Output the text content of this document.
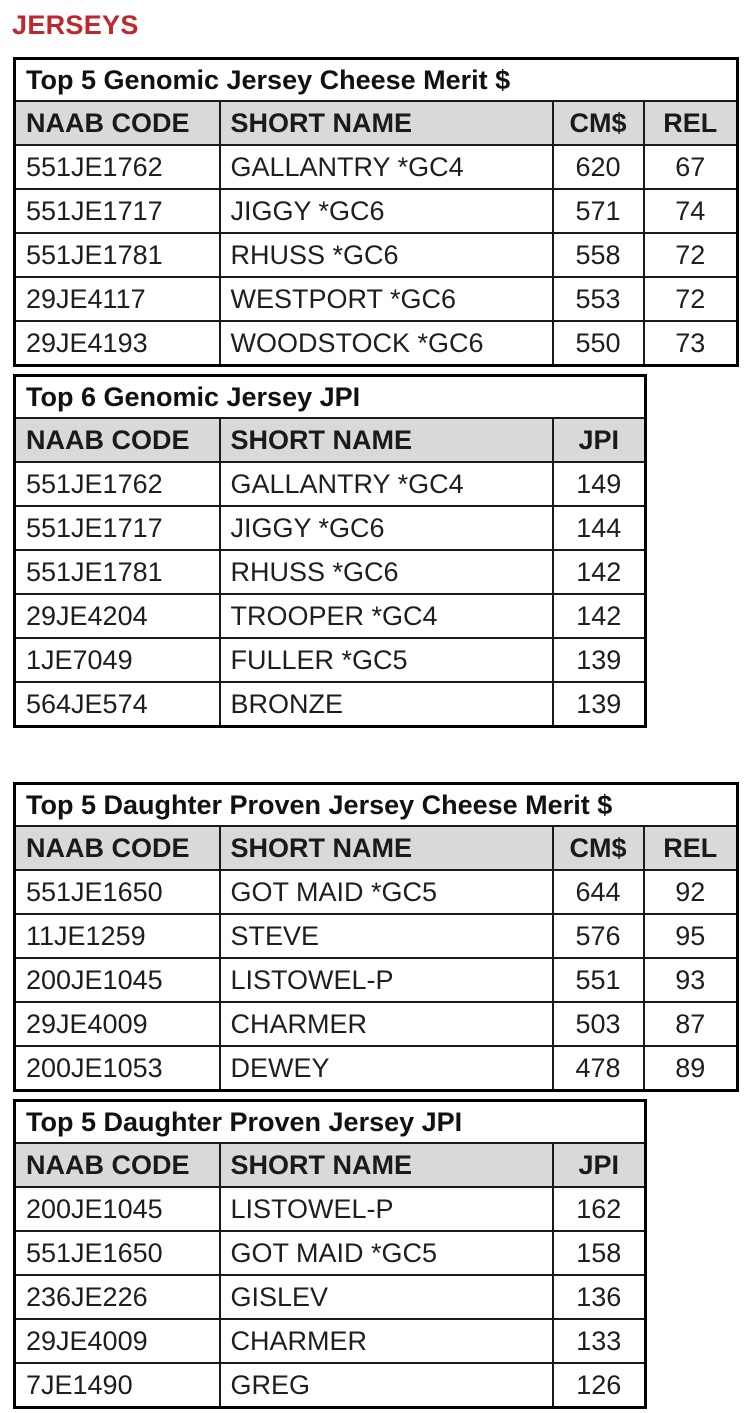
JERSEYS
Top 5 Genomic Jersey Cheese Merit $			
NAAB CODE	SHORT NAME	CM$	REL
551JE1762	GALLANTRY *GC4	620	67
551JE1717	JIGGY *GC6	571	74
551JE1781	RHUSS *GC6	558	72
29JE4117	WESTPORT *GC6	553	72
29JE4193	WOODSTOCK *GC6	550	73
Top 6 Genomic Jersey JPI		
NAAB CODE	SHORT NAME	JPI
551JE1762	GALLANTRY *GC4	149
551JE1717	JIGGY *GC6	144
551JE1781	RHUSS *GC6	142
29JE4204	TROOPER *GC4	142
1JE7049	FULLER *GC5	139
564JE574	BRONZE	139
Top 5 Daughter Proven Jersey Cheese Merit $			
NAAB CODE	SHORT NAME	CM$	REL
551JE1650	GOT MAID *GC5	644	92
11JE1259	STEVE	576	95
200JE1045	LISTOWEL-P	551	93
29JE4009	CHARMER	503	87
200JE1053	DEWEY	478	89
Top 5 Daughter Proven Jersey JPI		
NAAB CODE	SHORT NAME	JPI
200JE1045	LISTOWEL-P	162
551JE1650	GOT MAID *GC5	158
236JE226	GISLEV	136
29JE4009	CHARMER	133
7JE1490	GREG	126
